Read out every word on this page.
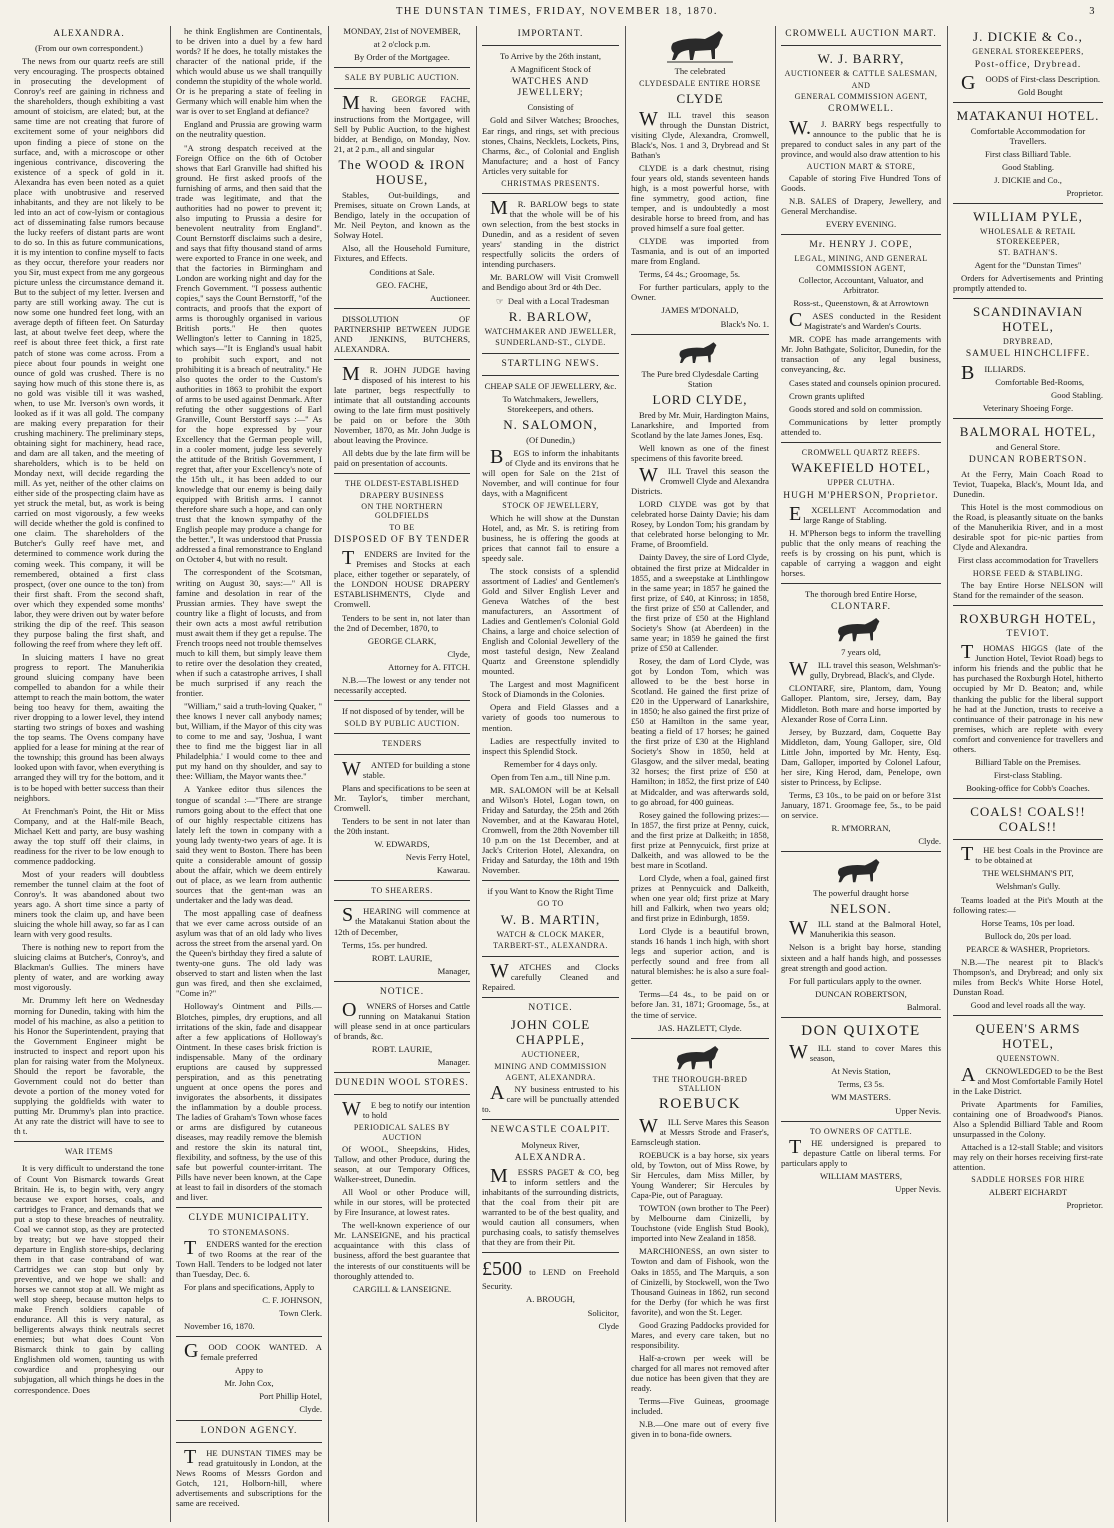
THE DUNSTAN TIMES, FRIDAY, NOVEMBER 18, 1870.	3
ALEXANDRA.

(From our own correspondent.)

The news from our quartz reefs are still very encouraging. The prospects obtained in prosecuting the development of Conroy's reef are gaining in richness and the shareholders, though exhibiting a vast amount of stoicism, are elated; but, at the same time are not creating that furore of excitement some of your neighbors did upon finding a piece of stone on the surface, and, with a microscope or other ingenious contrivance, discovering the existence of a speck of gold in it. Alexandra has even been noted as a quiet place with unobtrusive and reserved inhabitants, and they are not likely to be led into an act of cow-lyism or contagious act of disseminating false rumors because the lucky reefers of distant parts are wont to do so. In this as future communications, it is my intention to confine myself to facts as they occur, therefore your readers nor you Sir, must expect from me any gorgeous picture unless the circumstance demand it. But to the subject of my letter. Iversen and party are still working away. The cut is now some one hundred feet long, with an average depth of fifteen feet. On Saturday last, at about twelve feet deep, where the reef is about three feet thick, a first rate patch of stone was come across. From a piece about four pounds in weight one ounce of gold was crushed. There is no saying how much of this stone there is, as no gold was visible till it was washed, when, to use Mr. Iverson's own words, it looked as if it was all gold. The company are making every preparation for their crushing machinery. The preliminary steps, obtaining sight for machinery, head race, and dam are all taken, and the meeting of shareholders, which is to be held on Monday next, will decide regarding the mill. As yet, neither of the other claims on either side of the prospecting claim have as yet struck the metal, but, as work is being carried on most vigorously, a few weeks will decide whether the gold is confined to one claim. The shareholders of the Butcher's Gully reef have met, and determined to commence work during the coming week. This company, it will be remembered, obtained a first class prospect, (over one ounce to the ton) from their first shaft. From the second shaft, over which they expended some months' labor, they were driven out by water before striking the dip of the reef. This season they purpose baling the first shaft, and following the reef from where they left off.

In sluicing matters I have no great progress to report. The Manuherikia ground sluicing company have been compelled to abandon for a while their attempt to reach the main bottom, the water being too heavy for them, awaiting the river dropping to a lower level, they intend starting two strings of boxes and washing the top seams. The Ovens company have applied for a lease for mining at the rear of the township; this ground has been always looked upon with favor, when everything is arranged they will try for the bottom, and it is to be hoped with better success than their neighbors.

At Frenchman's Point, the Hit or Miss Company, and at the Half-mile Beach, Michael Kett and party, are busy washing away the top stuff off their claims, in readiness for the river to be low enough to commence paddocking.

Most of your readers will doubtless remember the tunnel claim at the foot of Conroy's. It was abandoned about two years ago. A short time since a party of miners took the claim up, and have been sluicing the whole hill away, so far as I can learn with very good results.

There is nothing new to report from the sluicing claims at Butcher's, Conroy's, and Blackman's Gullies. The miners have plenty of water, and are working away most vigorously.

Mr. Drummy left here on Wednesday morning for Dunedin, taking with him the model of his machine, as also a petition to his Honor the Superintendent, praying that the Government Engineer might be instructed to inspect and report upon his plan for raising water from the Molyneux. Should the report be favorable, the Government could not do better than devote a portion of the money voted for supplying the goldfields with water to putting Mr. Drummy's plan into practice. At any rate the district will have to see to th t.

WAR ITEMS

It is very difficult to understand the tone of Count Von Bismarck towards Great Britain. He is, to begin with, very angry because we export horses, coals, and cartridges to France, and demands that we put a stop to these breaches of neutrality. Coal we cannot stop, as they are protected by treaty; but we have stopped their departure in English store-ships, declaring them in that case contraband of war. Cartridges we can stop but only by preventive, and we hope we shall: and horses we cannot stop at all. We might as well stop sheep, because mutton helps to make French soldiers capable of endurance. All this is very natural, as belligerents always think neutrals secret enemies; but what does Count Von Bismarck think to gain by calling Englishmen old women, taunting us with cowardice and prophesying our subjugation, all which things he does in the correspondence. Does

he think Englishmen are Continentals, to be driven into a duel by a few hard words? If he does, he totally mistakes the character of the national pride, if the which would abuse us we shall tranquilly condemn the stupidity of the whole world. Or is he preparing a state of feeling in Germany which will enable him when the war is over to set England at defiance?

England and Prussia are growing warm on the neutrality question.

"A strong despatch received at the Foreign Office on the 6th of October shows that Earl Granville had shifted his ground. He first asked proofs of the furnishing of arms, and then said that the trade was legitimate, and that the authorities had no power to prevent it; also imputing to Prussia a desire for benevolent neutrality from England". Count Bernstorff disclaims such a desire, and says that fifty thousand stand of arms were exported to France in one week, and that the factories in Birmingham and London are working night and day for the French Government. "I possess authentic copies," says the Count Bernstorff, "of the contracts, and proofs that the export of arms is thoroughly organised in various British ports." He then quotes Wellington's letter to Canning in 1825, which says—"It is England's usual habit to prohibit such export, and not prohibiting it is a breach of neutrality." He also quotes the order to the Custom's authorities in 1863 to prohibit the export of arms to be used against Denmark. After refuting the other suggestions of Earl Granville, Count Berstorff says :—" As for the hope expressed by your Excellency that the German people will, in a cooler moment, judge less severely the attitude of the British Government, I regret that, after your Excellency's note of the 15th ult., it has been added to our knowledge that our enemy is being daily equipped with British arms. I cannot therefore share such a hope, and can only trust that the known sympathy of the English people may produce a change for the better.", It was understood that Prussia addressed a final remonstrance to England on October 4, but with no result.

The correspondent of the Scotsman, writing on August 30, says:—" All is famine and desolation in rear of the Prussian armies. They have swept the country like a flight of locusts, and from their own acts a most awful retribution must await them if they get a repulse. The French troops need not trouble themselves much to kill them, but simply leave them to retire over the desolation they created, when if such a catastrophe arrives, I shall be much surprised if any reach the frontier.

"William," said a truth-loving Quaker, " thee knows I never call anybody names; but, William, if the Mayor of this city was to come to me and say, 'Joshua, I want thee to find me the biggest liar in all Philadelphia.' I would come to thee and put my hand on thy shoulder, and say to thee: William, the Mayor wants thee."

A Yankee editor thus silences the tongue of scandal :—"There are strange rumors going about to the effect that one of our highly respectable citizens has lately left the town in company with a young lady twenty-two years of age. It is said they went to Boston. There has been quite a considerable amount of gossip about the affair, which we deem entirely out of place, as we learn from authentic sources that the gent-man was an undertaker and the lady was dead.

The most appalling case of deafness that we ever came across outside of an asylum was that of an old lady who lives across the street from the arsenal yard. On the Queen's birthday they fired a salute of twenty-one guns. The old lady was observed to start and listen when the last gun was fired, and then she exclaimed, "Come in?"

Holloway's Ointment and Pills.—Blotches, pimples, dry eruptions, and all irritations of the skin, fade and disappear after a few applications of Holloway's Ointment. In these cases brisk friction is indispensable. Many of the ordinary eruptions are caused by suppressed perspiration, and as this penetrating unguent at once opens the pores and invigorates the absorbents, it dissipates the inflammation by a double process. The ladies of Graham's Town whose faces or arms are disfigured by cutaneous diseases, may readily remove the blemish and restore the skin its natural tint, flexibility, and softness, by the use of this safe but powerful counter-irritant. The Pills have never been known, at the Cape at least to fail in disorders of the stomach and liver.

CLYDE MUNICIPALITY.
TO STONEMASONS.

TENDERS wanted for the erection of two Rooms at the rear of the Town Hall. Tenders to be lodged not later than Tuesday, Dec. 6.

For plans and specifications, Apply to

C. F. JOHNSON,

Town Clerk.

November 16, 1870.

GOOD COOK WANTED. A female preferred

Appy to

Mr. John Cox,

Port Phillip Hotel,

Clyde.

LONDON AGENCY.

THE DUNSTAN TIMES may be read gratuitously in London, at the News Rooms of Messrs Gordon and Gotch, 121, Holborn-hill, where advertisements and subscriptions for the same are received.

MONDAY, 21st of NOVEMBER,

at 2 o'clock p.m.

By Order of the Mortgagee.

SALE BY PUBLIC AUCTION.

MR. GEORGE FACHE, having been favored with instructions from the Mortgagee, will Sell by Public Auction, to the highest bidder, at Bendigo, on Monday, Nov. 21, at 2 p.m., all and singular

The WOOD & IRON HOUSE,

Stables, Out-buildings, and Premises, situate on Crown Lands, at Bendigo, lately in the occupation of Mr. Neil Peyton, and known as the Solway Hotel.

Also, all the Household Furniture, Fixtures, and Effects.

Conditions at Sale.

GEO. FACHE,

Auctioneer.

DISSOLUTION OF PARTNERSHIP BETWEEN JUDGE AND JENKINS, BUTCHERS, ALEXANDRA.

MR. JOHN JUDGE having disposed of his interest to his late partner, begs respectfully to intimate that all outstanding accounts owing to the late firm must positively be paid on or before the 30th November, 1870, as Mr. John Judge is about leaving the Province.

All debts due by the late firm will be paid on presentation of accounts.

THE OLDEST-ESTABLISHED
DRAPERY BUSINESS
ON THE NORTHERN GOLDFIELDS
TO BE
DISPOSED OF BY TENDER

TENDERS are Invited for the Premises and Stocks at each place, either together or separately, of the LONDON HOUSE DRAPERY ESTABLISHMENTS, Clyde and Cromwell.

Tenders to be sent in, not later than the 2nd of December, 1870, to

GEORGE CLARK,

Clyde,

Attorney for A. FITCH.

N.B.—The lowest or any tender not necessarily accepted.

If not disposed of by tender, will be

SOLD BY PUBLIC AUCTION.
TENDERS

WANTED for building a stone stable.

Plans and specifications to be seen at Mr. Taylor's, timber merchant, Cromwell.

Tenders to be sent in not later than the 20th instant.

W. EDWARDS,

Nevis Ferry Hotel,

Kawarau.

TO SHEARERS.

SHEARING will commence at the Matakanui Station about the 12th of December,

Terms, 15s. per hundred.

ROBT. LAURIE,

Manager,

NOTICE.

OWNERS of Horses and Cattle running on Matakanui Station will please send in at once particulars of brands, &c.

ROBT. LAURIE,

Manager.

DUNEDIN WOOL STORES.

WE beg to notify our intention to hold

PERIODICAL SALES BY AUCTION

Of WOOL, Sheepskins, Hides, Tallow, and other Produce, during the season, at our Temporary Offices, Walker-street, Dunedin.

All Wool or other Produce will, while in our stores, will be protected by Fire Insurance, at lowest rates.

The well-known experience of our Mr. LANSEIGNE, and his practical acquaintance with this class of business, afford the best guarantee that the interests of our constituents will be thoroughly attended to.

CARGILL & LANSEIGNE.

IMPORTANT.

To Arrive by the 26th instant,

A Magnificent Stock of

WATCHES AND JEWELLERY;

Consisting of

Gold and Silver Watches; Brooches, Ear rings, and rings, set with precious stones, Chains, Necklets, Lockets, Pins, Charms, &c., of Colonial and English Manufacture; and a host of Fancy Articles very suitable for

CHRISTMAS PRESENTS.

MR. BARLOW begs to state that the whole will be of his own selection, from the best stocks in Dunedin, and as a resident of seven years' standing in the district respectfully solicits the orders of intending purchasers.

Mr. BARLOW will Visit Cromwell and Bendigo about 3rd or 4th Dec.

☞ Deal with a Local Tradesman

R. BARLOW,
WATCHMAKER AND JEWELLER,
SUNDERLAND-ST., CLYDE.
STARTLING NEWS.

CHEAP SALE OF JEWELLERY, &c.

To Watchmakers, Jewellers, Storekeepers, and others.

N. SALOMON,

(Of Dunedin,)

BEGS to inform the inhabitants of Clyde and its environs that he will open for Sale on the 21st of November, and will continue for four days, with a Magnificent

STOCK OF JEWELLERY,

Which he will show at the Dunstan Hotel, and, as Mr. S. is retiring from business, he is offering the goods at prices that cannot fail to ensure a speedy sale.

The stock consists of a splendid assortment of Ladies' and Gentlemen's Gold and Silver English Lever and Geneva Watches of the best manufacturers, an Assortment of Ladies and Gentlemen's Colonial Gold Chains, a large and choice selection of English and Colonial Jewellery of the most tasteful design, New Zealand Quartz and Greenstone splendidly mounted.

The Largest and most Magnificent Stock of Diamonds in the Colonies.

Opera and Field Glasses and a variety of goods too numerous to mention.

Ladies are respectfully invited to inspect this Splendid Stock.

Remember for 4 days only.

Open from Ten a.m., till Nine p.m.

MR. SALOMON will be at Kelsall and Wilson's Hotel, Logan town, on Friday and Saturday, the 25th and 26th November, and at the Kawarau Hotel, Cromwell, from the 28th November till 10 p.m on the 1st December, and at Jack's Criterion Hotel, Alexandra, on Friday and Saturday, the 18th and 19th November.

if you Want to Know the Right Time

GO TO
W. B. MARTIN,
WATCH & CLOCK MAKER,
TARBERT-ST., ALEXANDRA.

WATCHES and Clocks carefully Cleaned and Repaired.

NOTICE.
JOHN COLE CHAPPLE,
AUCTIONEER,
MINING AND COMMISSION
AGENT, ALEXANDRA.

ANY business entrusted to his care will be punctually attended to.

NEWCASTLE COALPIT.

Molyneux River,

ALEXANDRA.

MESSRS PAGET & CO, beg to inform settlers and the inhabitants of the surrounding districts, that the coal from their pit are warranted to be of the best quality, and would caution all consumers, when purchasing coals, to satisfy themselves that they are from their Pit.

£500 to LEND on Freehold Security.

A. BROUGH,

Solicitor,

Clyde

The celebrated

CLYDESDALE ENTIRE HORSE
CLYDE

WILL travel this season through the Dunstan District, visiting Clyde, Alexandra, Cromwell, Black's, Nos. 1 and 3, Drybread and St Bathan's

CLYDE is a dark chestnut, rising four years old, stands seventeen hands high, is a most powerful horse, with fine symmetry, good action, fine temper, and is undoubtedly a most desirable horse to breed from, and has proved himself a sure foal getter.

CLYDE was imported from Tasmania, and is out of an imported mare from England.

Terms, £4 4s.; Groomage, 5s.

For further particulars, apply to the Owner.

JAMES M'DONALD,

Black's No. 1.

The Pure bred Clydesdale Carting Station

LORD CLYDE,

Bred by Mr. Muir, Hardington Mains, Lanarkshire, and Imported from Scotland by the late James Jones, Esq.

Well known as one of the finest specimens of this favorite breed.

WILL Travel this season the Cromwell Clyde and Alexandra Districts.

LORD CLYDE was got by that celebrated horse Dainty Davie; his dam Rosey, by London Tom; his grandam by that celebrated horse belonging to Mr. Frame, of Broomfield.

Dainty Davey, the sire of Lord Clyde, obtained the first prize at Midcalder in 1855, and a sweepstake at Linthlingow in the same year; in 1857 he gained the first prize, of £40, at Kinross; in 1858, the first prize of £50 at Callender, and the first prize of £50 at the Highland Society's Show (at Aberdeen) in the same year; in 1859 he gained the first prize of £50 at Callender.

Rosey, the dam of Lord Clyde, was got by London Tom, which was allowed to be the best horse in Scotland. He gained the first prize of £20 in the Upperward of Lanarkshire, in 1850; he also gained the first prize of £50 at Hamilton in the same year, beating a field of 17 horses; he gained the first prize of £30 at the Highland Society's Show in 1850, held at Glasgow, and the silver medal, beating 32 horses; the first prize of £50 at Hamilton; in 1852, the first prize of £40 at Midcalder, and was afterwards sold, to go abroad, for 400 guineas.

Rosey gained the following prizes:—In 1857, the first prize at Penny, cuick, and the first prize at Dalkeith; in 1858, first prize at Pennycuick, first prize at Dalkeith, and was allowed to be the best mare in Scotland.

Lord Clyde, when a foal, gained first prizes at Pennycuick and Dalkeith, when one year old; first prize at Mary hill and Falkirk, when two years old; and first prize in Edinburgh, 1859.

Lord Clyde is a beautiful brown, stands 16 hands 1 inch high, with short legs and superior action, and is perfectly sound and free from all natural blemishes: he is also a sure foal-getter.

Terms—£4 4s., to be paid on or before Jan. 31, 1871; Groomage, 5s., at the time of service.

JAS. HAZLETT, Clyde.

THE THOROUGH-BRED STALLION
ROEBUCK

WILL Serve Mares this Season at Messrs Strode and Fraser's, Earnscleugh station.

ROEBUCK is a bay horse, six years old, by Towton, out of Miss Rowe, by Sir Hercules, dam Miss Miller, by Young Wanderer; Sir Hercules by Capa-Pie, out of Paraguay.

TOWTON (own brother to The Peer) by Melbourne dam Cinizelli, by Touchstone (vide English Stud Book), imported into New Zealand in 1858.

MARCHIONESS, an own sister to Towton and dam of Fishook, won the Oaks in 1855, and The Marquis, a son of Cinizelli, by Stockwell, won the Two Thousand Guineas in 1862, run second for the Derby (for which he was first favorite), and won the St. Leger.

Good Grazing Paddocks provided for Mares, and every care taken, but no responsibility.

Half-a-crown per week will be charged for all mares not removed after due notice has been given that they are ready.

Terms—Five Guineas, groomage included.

N.B.—One mare out of every five given in to bona-fide owners.

CROMWELL AUCTION MART.
W. J. BARRY,
AUCTIONEER & CATTLE SALESMAN,
AND
GENERAL COMMISSION AGENT,
CROMWELL.

W.J. BARRY begs respectfully to announce to the public that he is prepared to conduct sales in any part of the province, and would also draw attention to his

AUCTION MART & STORE,

Capable of storing Five Hundred Tons of Goods.

N.B. SALES of Drapery, Jewellery, and General Merchandise.

EVERY EVENING.

Mr. HENRY J. COPE,
LEGAL, MINING, AND GENERAL COMMISSION AGENT,

Collector, Accountant, Valuator, and Arbitrator.

Ross-st., Queenstown, & at Arrowtown

CASES conducted in the Resident Magistrate's and Warden's Courts.

MR. COPE has made arrangements with Mr. John Bathgate, Solicitor, Dunedin, for the transaction of any legal business, conveyancing, &c.

Cases stated and counsels opinion procured.

Crown grants uplifted

Goods stored and sold on commission.

Communications by letter promptly attended to.

CROMWELL QUARTZ REEFS.
WAKEFIELD HOTEL,
UPPER CLUTHA.
HUGH M'PHERSON, Proprietor.

EXCELLENT Accommodation and large Range of Stabling.

H. M'Pherson begs to inform the travelling public that the only means of reaching the reefs is by crossing on his punt, which is capable of carrying a waggon and eight horses.

The thorough bred Entire Horse,

CLONTARF.

7 years old,

WILL travel this season, Welshman's-gully, Drybread, Black's, and Clyde.

CLONTARF, sire, Plantom, dam, Young Galloper. Plantom, sire, Jersey, dam, Bay Middleton. Both mare and horse imported by Alexander Rose of Corra Linn.

Jersey, by Buzzard, dam, Coquette Bay Middleton, dam, Young Galloper, sire, Old Little John, imported by Mr. Henty, Esq. Dam, Galloper, imported by Colonel Lafour, her sire, King Herod, dam, Penelope, own sister to Princess, by Eclipse.

Terms, £3 10s., to be paid on or before 31st January, 1871. Groomage fee, 5s., to be paid on service.

R. M'MORRAN,

Clyde.

The powerful draught horse

NELSON.

WILL stand at the Balmoral Hotel, Manuherikia this season.

Nelson is a bright bay horse, standing sixteen and a half hands high, and possesses great strength and good action.

For full particulars apply to the owner.

DUNCAN ROBERTSON,

Balmoral.

DON QUIXOTE

WILL stand to cover Mares this season,

At Nevis Station,

Terms, £3 5s.

WM MASTERS.

Upper Nevis.

TO OWNERS OF CATTLE.

THE undersigned is prepared to depasture Cattle on liberal terms. For particulars apply to

WILLIAM MASTERS,

Upper Nevis.

J. DICKIE & Co.,
GENERAL STOREKEEPERS,
Post-office, Drybread.

GOODS of First-class Description.

Gold Bought

MATAKANUI HOTEL.

Comfortable Accommodation for Travellers.

First class Billiard Table.

Good Stabling.

J. DICKIE and Co.,

Proprietor.

WILLIAM PYLE,
WHOLESALE & RETAIL STOREKEEPER,
ST. BATHAN'S.

Agent for the "Dunstan Times"

Orders for Advertisements and Printing promptly attended to.

SCANDINAVIAN HOTEL,
DRYBREAD,
SAMUEL HINCHCLIFFE.

BILLIARDS.

Comfortable Bed-Rooms,

Good Stabling.

Veterinary Shoeing Forge.

BALMORAL HOTEL,

and General Store.

DUNCAN ROBERTSON.

At the Ferry, Main Coach Road to Teviot, Tuapeka, Black's, Mount Ida, and Dunedin.

This Hotel is the most commodious on the Road, is pleasantly situate on the banks of the Manuherikia River, and in a most desirable spot for pic-nic parties from Clyde and Alexandra.

First class accommodation for Travellers

HORSE FEED & STABLING.

The bay Entire Horse NELSON will Stand for the remainder of the season.

ROXBURGH HOTEL,
TEVIOT.

THOMAS HIGGS (late of the Junction Hotel, Teviot Road) begs to inform his friends and the public that he has purchased the Roxburgh Hotel, hitherto occupied by Mr D. Beaton; and, while thanking the public for the liberal support he had at the Junction, trusts to receive a continuance of their patronage in his new premises, which are replete with every comfort and convenience for travellers and others.

Billiard Table on the Premises.

First-class Stabling.

Booking-office for Cobb's Coaches.

COALS! COALS!! COALS!!

THE best Coals in the Province are to be obtained at

THE WELSHMAN'S PIT,

Welshman's Gully.

Teams loaded at the Pit's Mouth at the following rates:—

Horse Teams, 10s per load.

Bullock do, 20s per load.

PEARCE & WASHER, Proprietors.

N.B.—The nearest pit to Black's Thompson's, and Drybread; and only six miles from Beck's White Horse Hotel, Dunstan Road.

Good and level roads all the way.

QUEEN'S ARMS HOTEL,
QUEENSTOWN.

ACKNOWLEDGED to be the Best and Most Comfortable Family Hotel in the Lake District.

Private Apartments for Families, containing one of Broadwood's Pianos. Also a Splendid Billiard Table and Room unsurpassed in the Colony.

Attached is a 12-stall Stable; and visitors may rely on their horses receiving first-rate attention.

SADDLE HORSES FOR HIRE

ALBERT EICHARDT

Proprietor.
